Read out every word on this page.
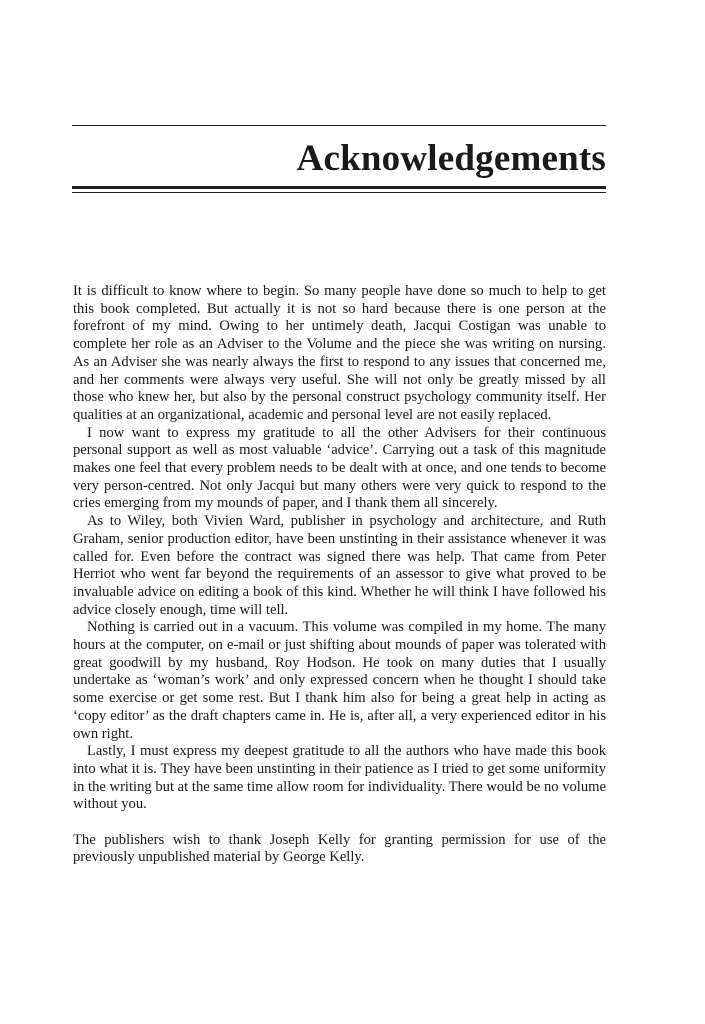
Acknowledgements

It is difficult to know where to begin. So many people have done so much to help to get this book completed. But actually it is not so hard because there is one person at the forefront of my mind. Owing to her untimely death, Jacqui Costigan was unable to complete her role as an Adviser to the Volume and the piece she was writing on nursing. As an Adviser she was nearly always the first to respond to any issues that concerned me, and her comments were always very useful. She will not only be greatly missed by all those who knew her, but also by the personal construct psychology community itself. Her qualities at an organizational, academic and personal level are not easily replaced.

I now want to express my gratitude to all the other Advisers for their continuous personal support as well as most valuable ‘advice’. Carrying out a task of this magnitude makes one feel that every problem needs to be dealt with at once, and one tends to become very person-centred. Not only Jacqui but many others were very quick to respond to the cries emerging from my mounds of paper, and I thank them all sincerely.

As to Wiley, both Vivien Ward, publisher in psychology and architecture, and Ruth Graham, senior production editor, have been unstinting in their assistance whenever it was called for. Even before the contract was signed there was help. That came from Peter Herriot who went far beyond the requirements of an assessor to give what proved to be invaluable advice on editing a book of this kind. Whether he will think I have followed his advice closely enough, time will tell.

Nothing is carried out in a vacuum. This volume was compiled in my home. The many hours at the computer, on e-mail or just shifting about mounds of paper was tolerated with great goodwill by my husband, Roy Hodson. He took on many duties that I usually undertake as ‘woman’s work’ and only expressed concern when he thought I should take some exercise or get some rest. But I thank him also for being a great help in acting as ‘copy editor’ as the draft chapters came in. He is, after all, a very experienced editor in his own right.

Lastly, I must express my deepest gratitude to all the authors who have made this book into what it is. They have been unstinting in their patience as I tried to get some uniformity in the writing but at the same time allow room for individuality. There would be no volume without you.

The publishers wish to thank Joseph Kelly for granting permission for use of the previously unpublished material by George Kelly.
